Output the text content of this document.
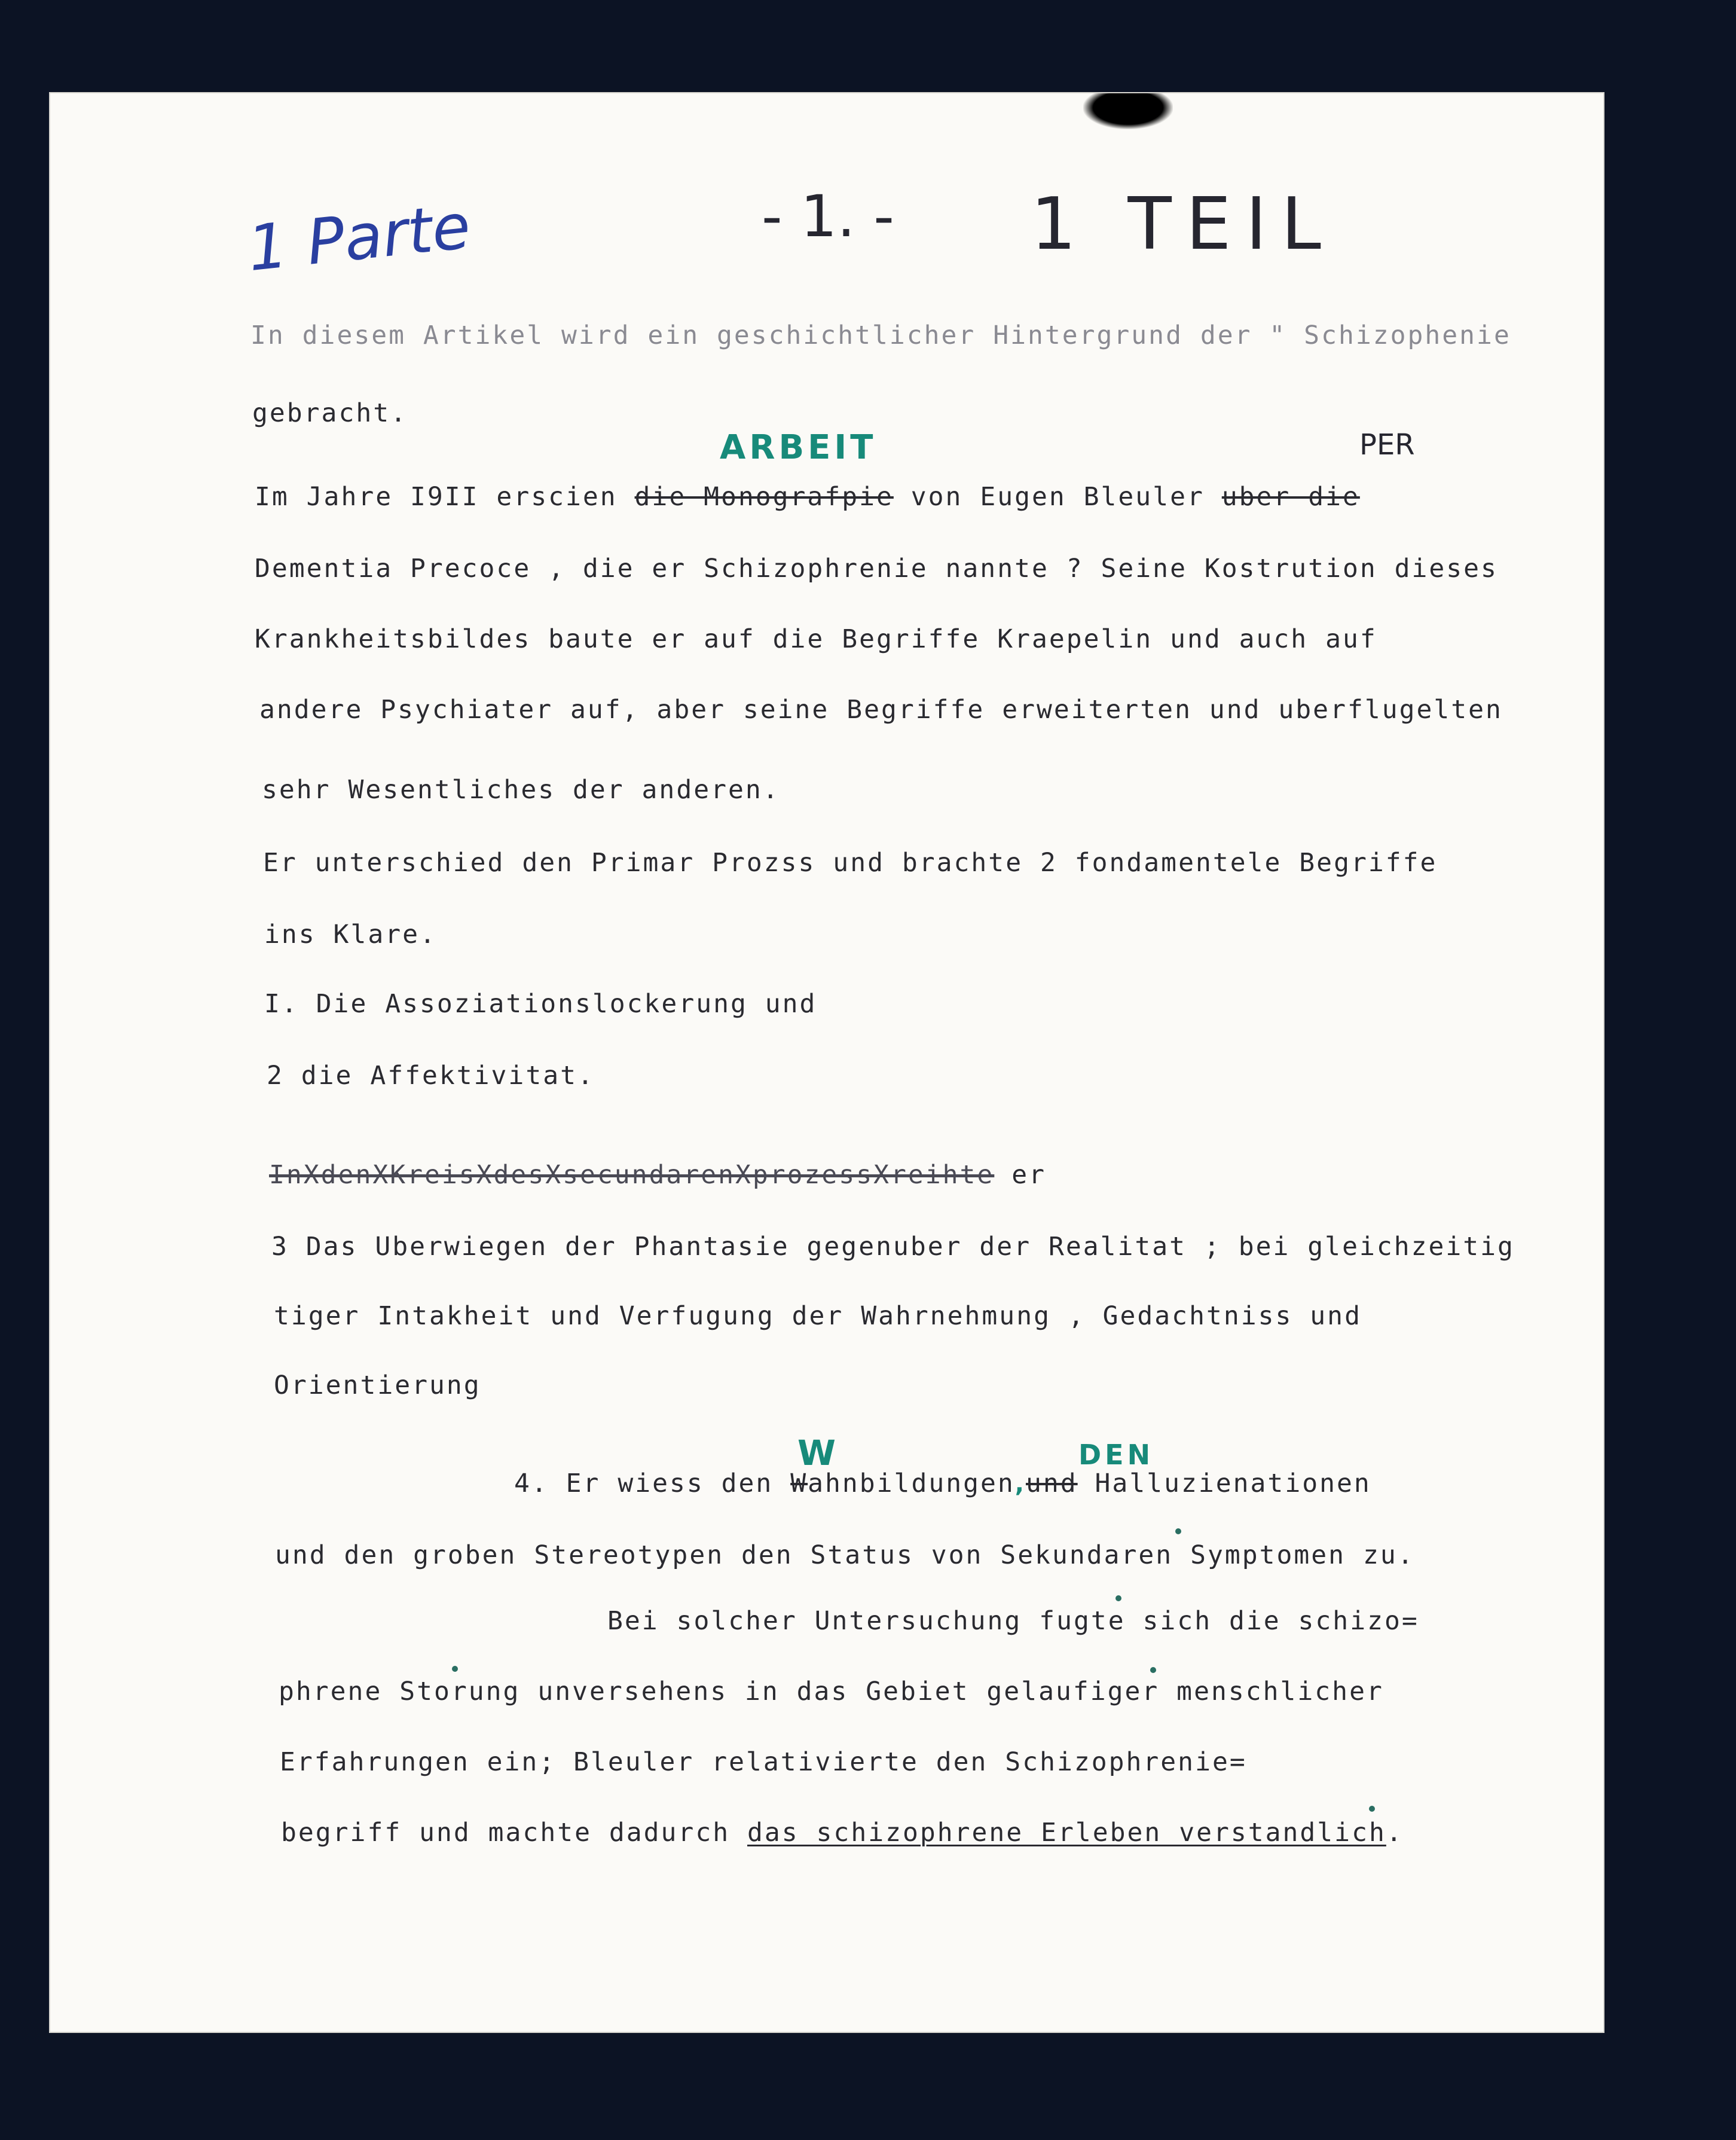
1 Parte	- 1. - 1 TEIL
In diesem Artikel wird ein geschichtlicher Hintergrund der " Schizophenie
gebracht.
ARBEIT	PER
Im Jahre I9II erscien die Monografpie von Eugen Bleuler uber die
Dementia Precoce , die er Schizophrenie nannte ? Seine Kostrution dieses
Krankheitsbildes baute er auf die Begriffe Kraepelin und auch auf
andere Psychiater auf, aber seine Begriffe erweiterten und uberflugelten
sehr Wesentliches der anderen.
Er unterschied den Primar Prozss und brachte 2 fondamentele Begriffe
ins Klare.
I. Die Assoziationslockerung und
2 die Affektivitat.
InXdenXKreisXdesXsecundarenXprozessXreihte er
3 Das Uberwiegen der Phantasie gegenuber der Realitat ; bei gleichzeitig
tiger Intakheit und Verfugung der Wahrnehmung , Gedachtniss und
Orientierung
W	DEN
4. Er wiess den Wahnbildungen,und Halluzienationen
und den groben Stereotypen den Status von Sekundaren Symptomen zu.
Bei solcher Untersuchung fugte sich die schizo=
phrene Storung unversehens in das Gebiet gelaufiger menschlicher
Erfahrungen ein; Bleuler relativierte den Schizophrenie=
begriff und machte dadurch das schizophrene Erleben verstandlich.
